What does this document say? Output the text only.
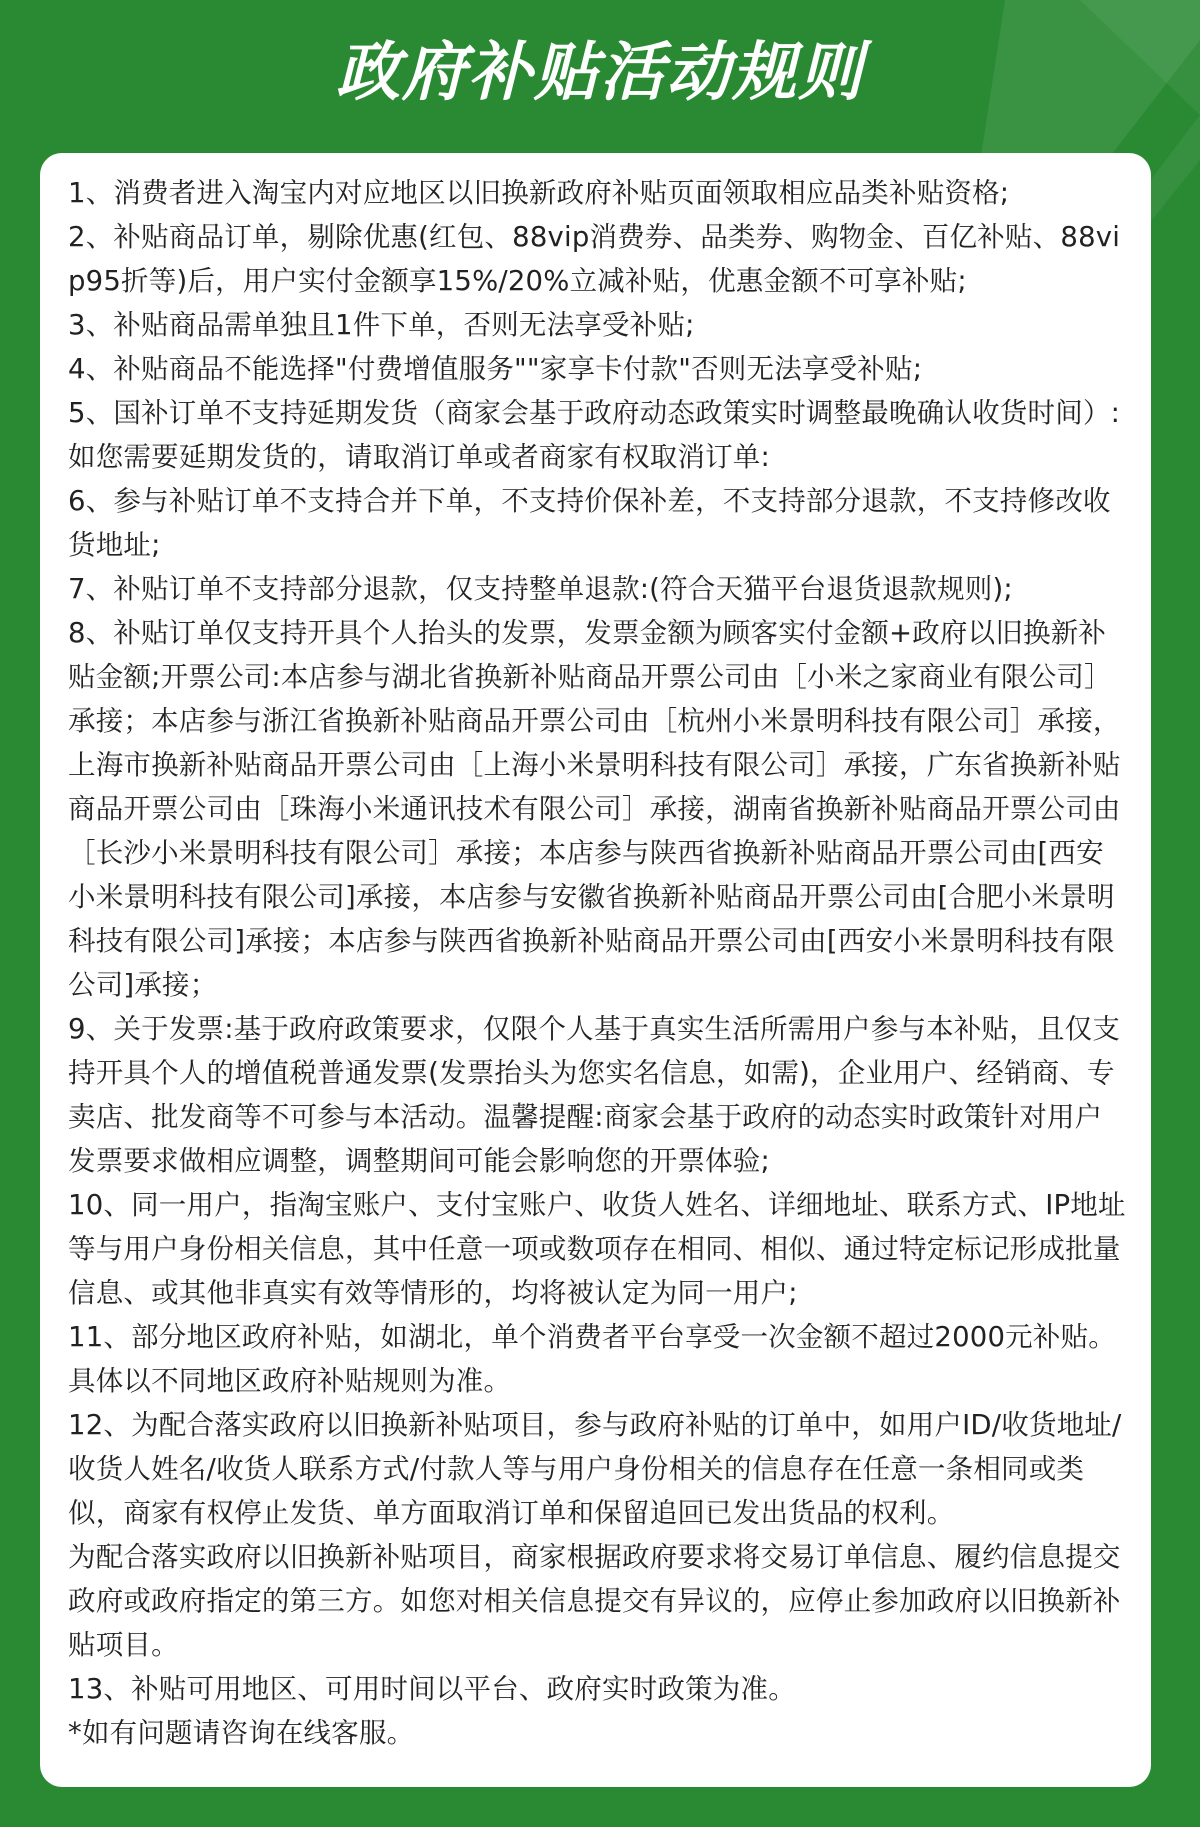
政府补贴活动规则
1、消费者进入淘宝内对应地区以旧换新政府补贴页面领取相应品类补贴资格;
2、补贴商品订单，剔除优惠(红包、88vip消费券、品类券、购物金、百亿补贴、88vip95折等)后，用户实付金额享15%/20%立减补贴，优惠金额不可享补贴;
3、补贴商品需单独且1件下单，否则无法享受补贴;
4、补贴商品不能选择"付费增值服务""家享卡付款"否则无法享受补贴;
5、国补订单不支持延期发货（商家会基于政府动态政策实时调整最晚确认收货时间）:如您需要延期发货的，请取消订单或者商家有权取消订单:
6、参与补贴订单不支持合并下单，不支持价保补差，不支持部分退款，不支持修改收货地址;
7、补贴订单不支持部分退款，仅支持整单退款:(符合天猫平台退货退款规则);
8、补贴订单仅支持开具个人抬头的发票，发票金额为顾客实付金额+政府以旧换新补贴金额;开票公司:本店参与湖北省换新补贴商品开票公司由［小米之家商业有限公司］承接；本店参与浙江省换新补贴商品开票公司由［杭州小米景明科技有限公司］承接，上海市换新补贴商品开票公司由［上海小米景明科技有限公司］承接，广东省换新补贴商品开票公司由［珠海小米通讯技术有限公司］承接，湖南省换新补贴商品开票公司由［长沙小米景明科技有限公司］承接；本店参与陕西省换新补贴商品开票公司由[西安小米景明科技有限公司]承接，本店参与安徽省换新补贴商品开票公司由[合肥小米景明科技有限公司]承接；本店参与陕西省换新补贴商品开票公司由[西安小米景明科技有限公司]承接；
9、关于发票:基于政府政策要求，仅限个人基于真实生活所需用户参与本补贴，且仅支持开具个人的增值税普通发票(发票抬头为您实名信息，如需)，企业用户、经销商、专卖店、批发商等不可参与本活动。温馨提醒:商家会基于政府的动态实时政策针对用户发票要求做相应调整，调整期间可能会影响您的开票体验;
10、同一用户，指淘宝账户、支付宝账户、收货人姓名、详细地址、联系方式、IP地址等与用户身份相关信息，其中任意一项或数项存在相同、相似、通过特定标记形成批量信息、或其他非真实有效等情形的，均将被认定为同一用户;
11、部分地区政府补贴，如湖北，单个消费者平台享受一次金额不超过2000元补贴。具体以不同地区政府补贴规则为准。
12、为配合落实政府以旧换新补贴项目，参与政府补贴的订单中，如用户ID/收货地址/收货人姓名/收货人联系方式/付款人等与用户身份相关的信息存在任意一条相同或类似，商家有权停止发货、单方面取消订单和保留追回已发出货品的权利。
为配合落实政府以旧换新补贴项目，商家根据政府要求将交易订单信息、履约信息提交政府或政府指定的第三方。如您对相关信息提交有异议的，应停止参加政府以旧换新补贴项目。
13、补贴可用地区、可用时间以平台、政府实时政策为准。
*如有问题请咨询在线客服。
